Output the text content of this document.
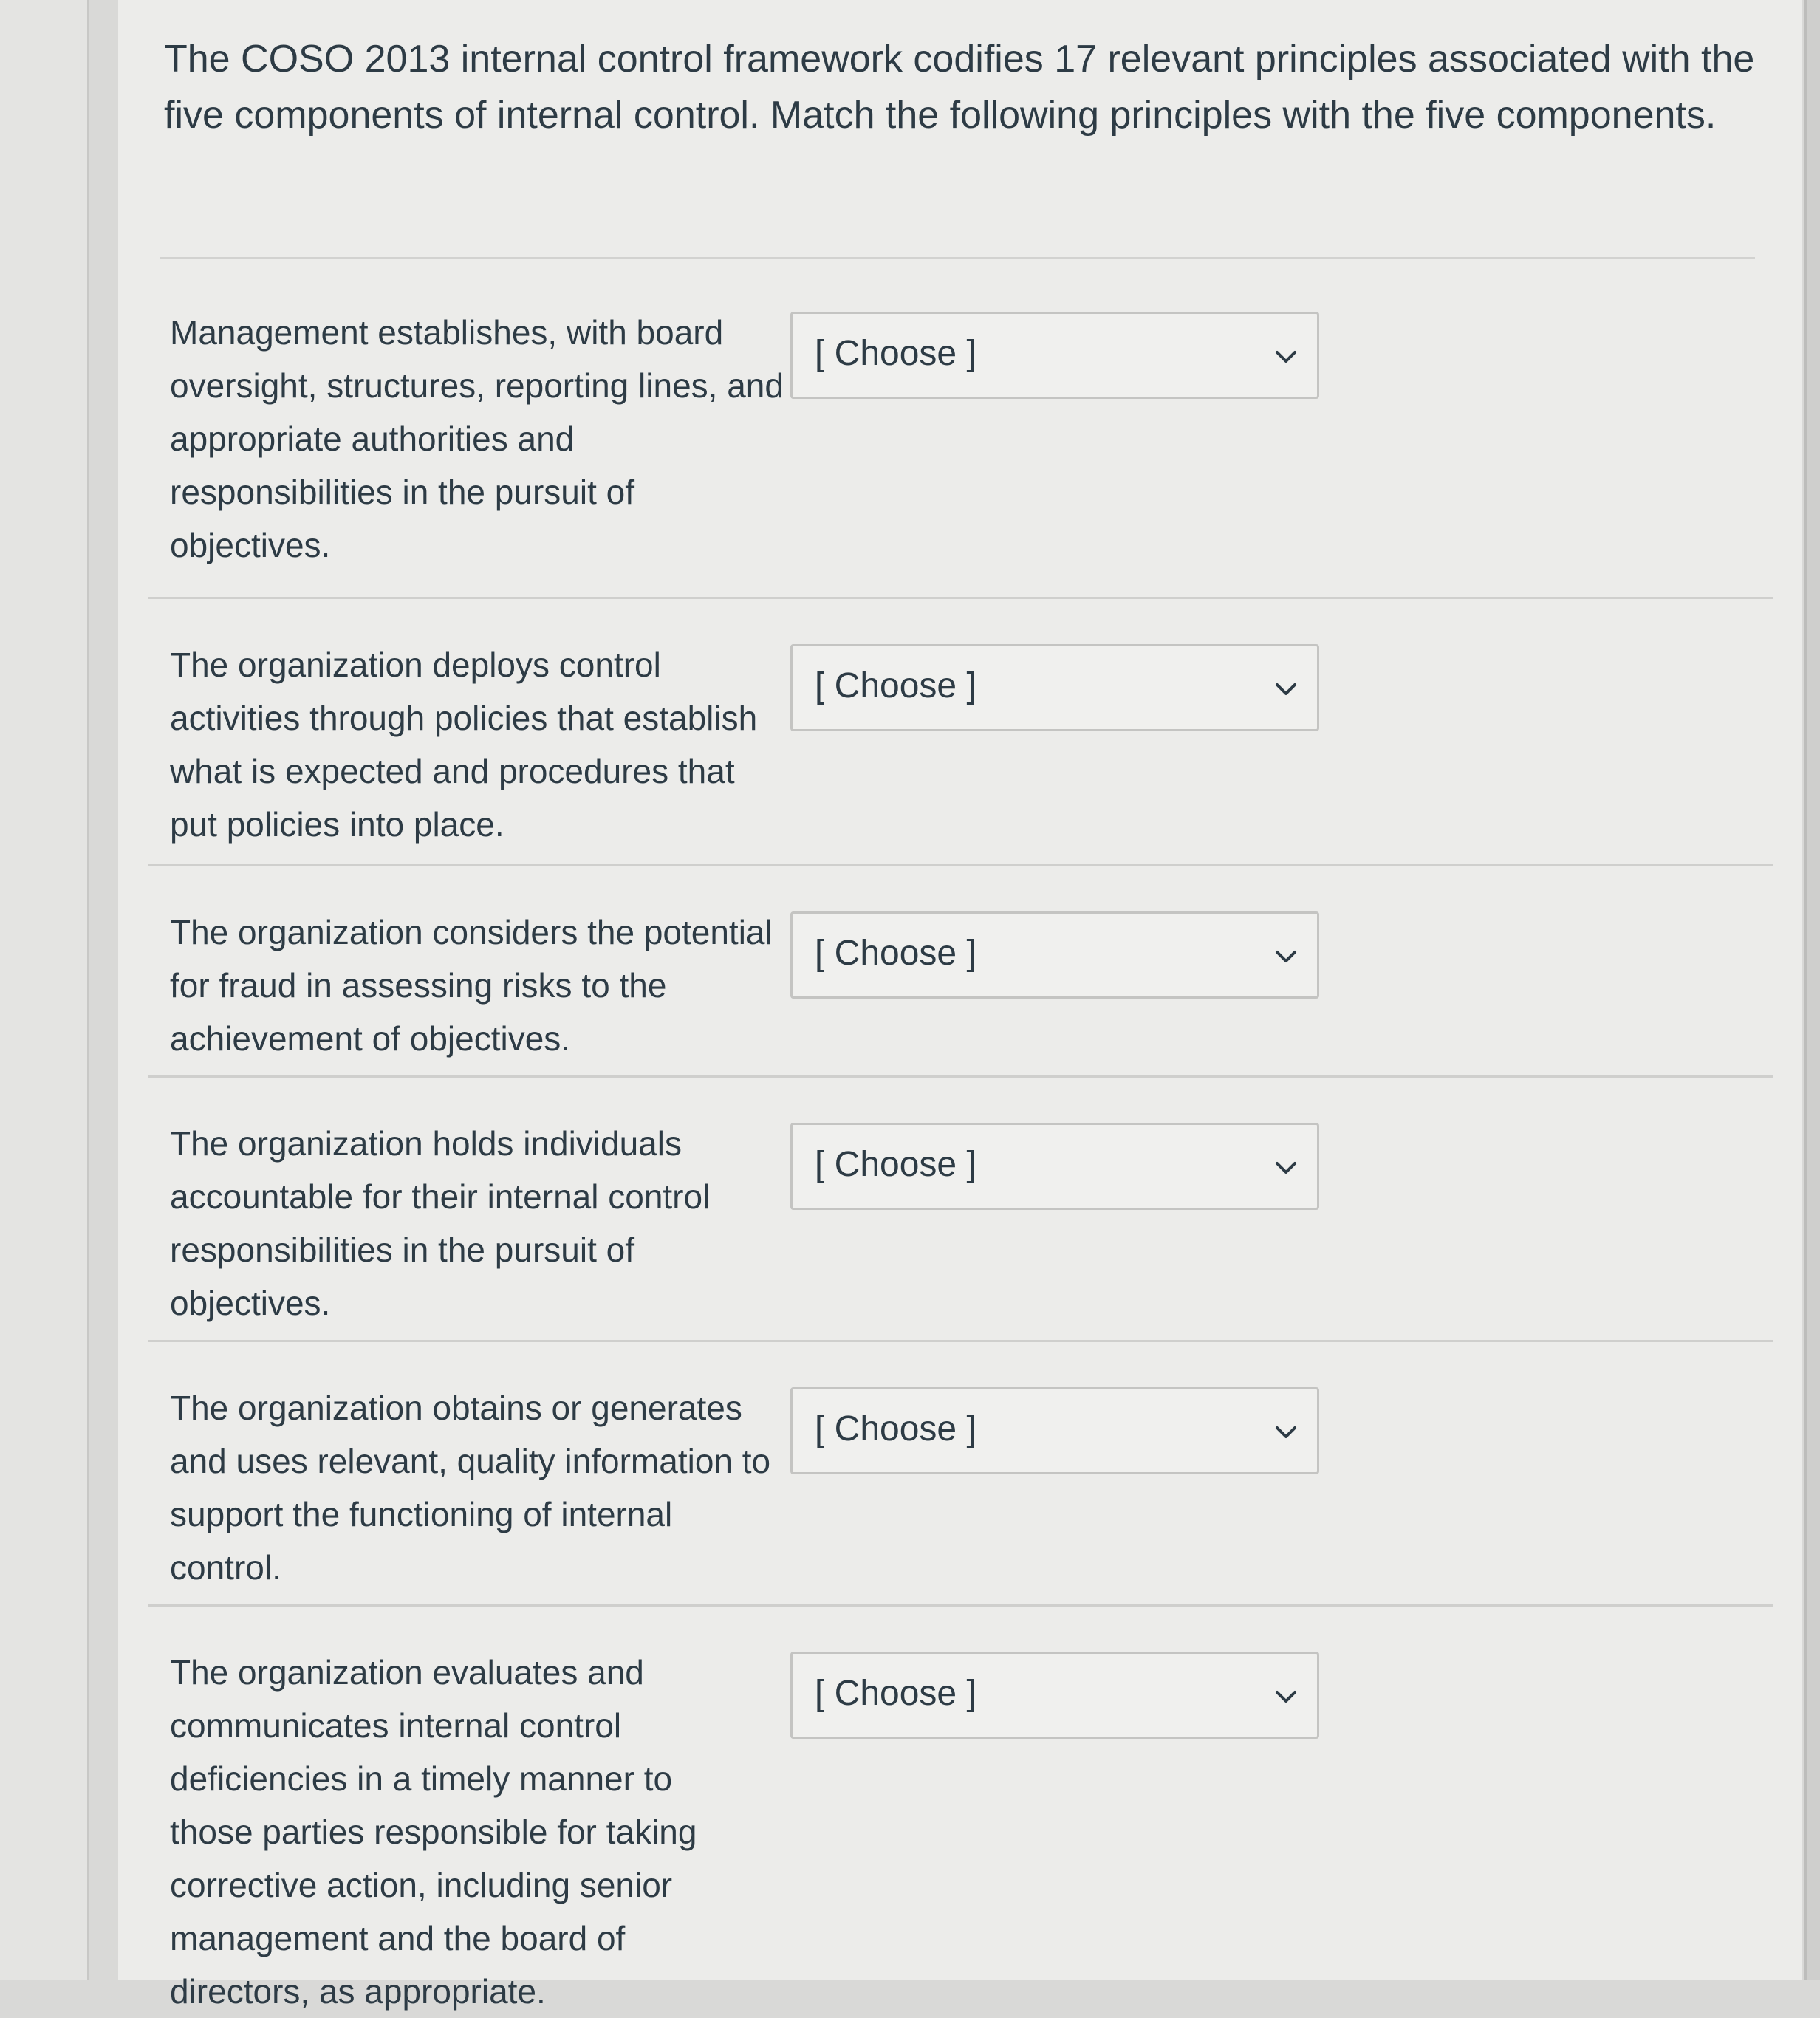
The COSO 2013 internal control framework codifies 17 relevant principles associated with the five components of internal control. Match the following principles with the five components.

Management establishes, with board oversight, structures, reporting lines, and appropriate authorities and responsibilities in the pursuit of objectives.

[ Choose ]

The organization deploys control activities through policies that establish what is expected and procedures that put policies into place.

[ Choose ]

The organization considers the potential for fraud in assessing risks to the achievement of objectives.

[ Choose ]

The organization holds individuals accountable for their internal control responsibilities in the pursuit of objectives.

[ Choose ]

The organization obtains or generates and uses relevant, quality information to support the functioning of internal control.

[ Choose ]

The organization evaluates and communicates internal control deficiencies in a timely manner to those parties responsible for taking corrective action, including senior management and the board of directors, as appropriate.

[ Choose ]
